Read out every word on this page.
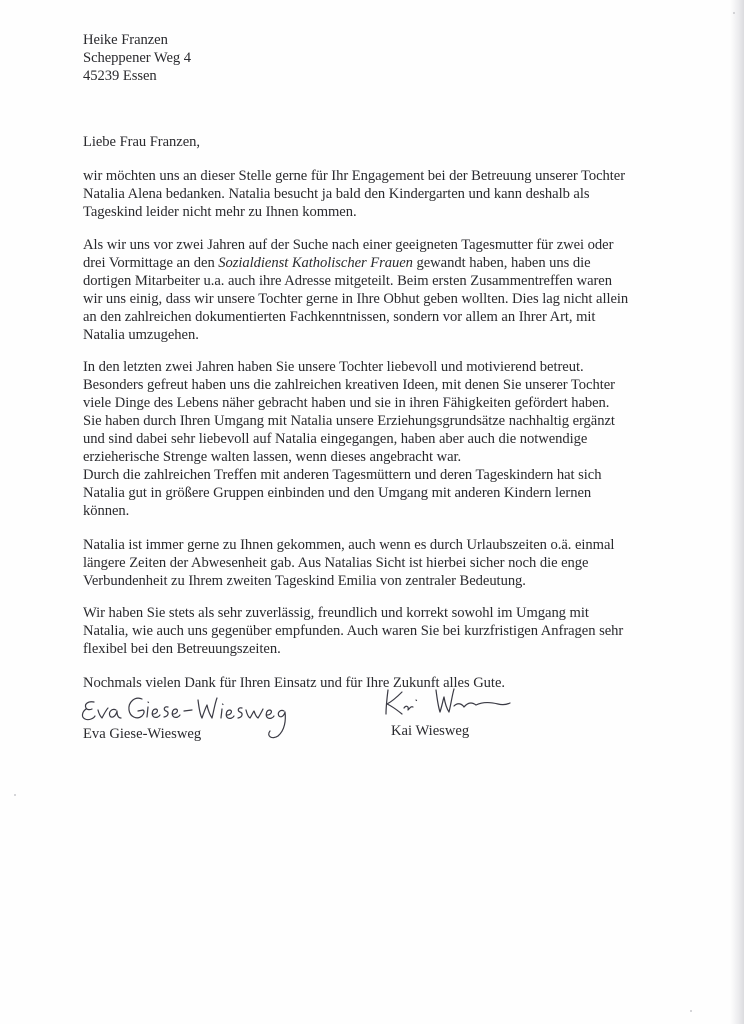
Heike Franzen
Scheppener Weg 4
45239 Essen
Liebe Frau Franzen,
wir möchten uns an dieser Stelle gerne für Ihr Engagement bei der Betreuung unserer Tochter
Natalia Alena bedanken. Natalia besucht ja bald den Kindergarten und kann deshalb als
Tageskind leider nicht mehr zu Ihnen kommen.
Als wir uns vor zwei Jahren auf der Suche nach einer geeigneten Tagesmutter für zwei oder
drei Vormittage an den Sozialdienst Katholischer Frauen gewandt haben, haben uns die
dortigen Mitarbeiter u.a. auch ihre Adresse mitgeteilt. Beim ersten Zusammentreffen waren
wir uns einig, dass wir unsere Tochter gerne in Ihre Obhut geben wollten. Dies lag nicht allein
an den zahlreichen dokumentierten Fachkenntnissen, sondern vor allem an Ihrer Art, mit
Natalia umzugehen.
In den letzten zwei Jahren haben Sie unsere Tochter liebevoll und motivierend betreut.
Besonders gefreut haben uns die zahlreichen kreativen Ideen, mit denen Sie unserer Tochter
viele Dinge des Lebens näher gebracht haben und sie in ihren Fähigkeiten gefördert haben.
Sie haben durch Ihren Umgang mit Natalia unsere Erziehungsgrundsätze nachhaltig ergänzt
und sind dabei sehr liebevoll auf Natalia eingegangen, haben aber auch die notwendige
erzieherische Strenge walten lassen, wenn dieses angebracht war.
Durch die zahlreichen Treffen mit anderen Tagesmüttern und deren Tageskindern hat sich
Natalia gut in größere Gruppen einbinden und den Umgang mit anderen Kindern lernen
können.
Natalia ist immer gerne zu Ihnen gekommen, auch wenn es durch Urlaubszeiten o.ä. einmal
längere Zeiten der Abwesenheit gab. Aus Natalias Sicht ist hierbei sicher noch die enge
Verbundenheit zu Ihrem zweiten Tageskind Emilia von zentraler Bedeutung.
Wir haben Sie stets als sehr zuverlässig, freundlich und korrekt sowohl im Umgang mit
Natalia, wie auch uns gegenüber empfunden. Auch waren Sie bei kurzfristigen Anfragen sehr
flexibel bei den Betreuungszeiten.
Nochmals vielen Dank für Ihren Einsatz und für Ihre Zukunft alles Gute.
Eva Giese-Wiesweg	Kai Wiesweg
